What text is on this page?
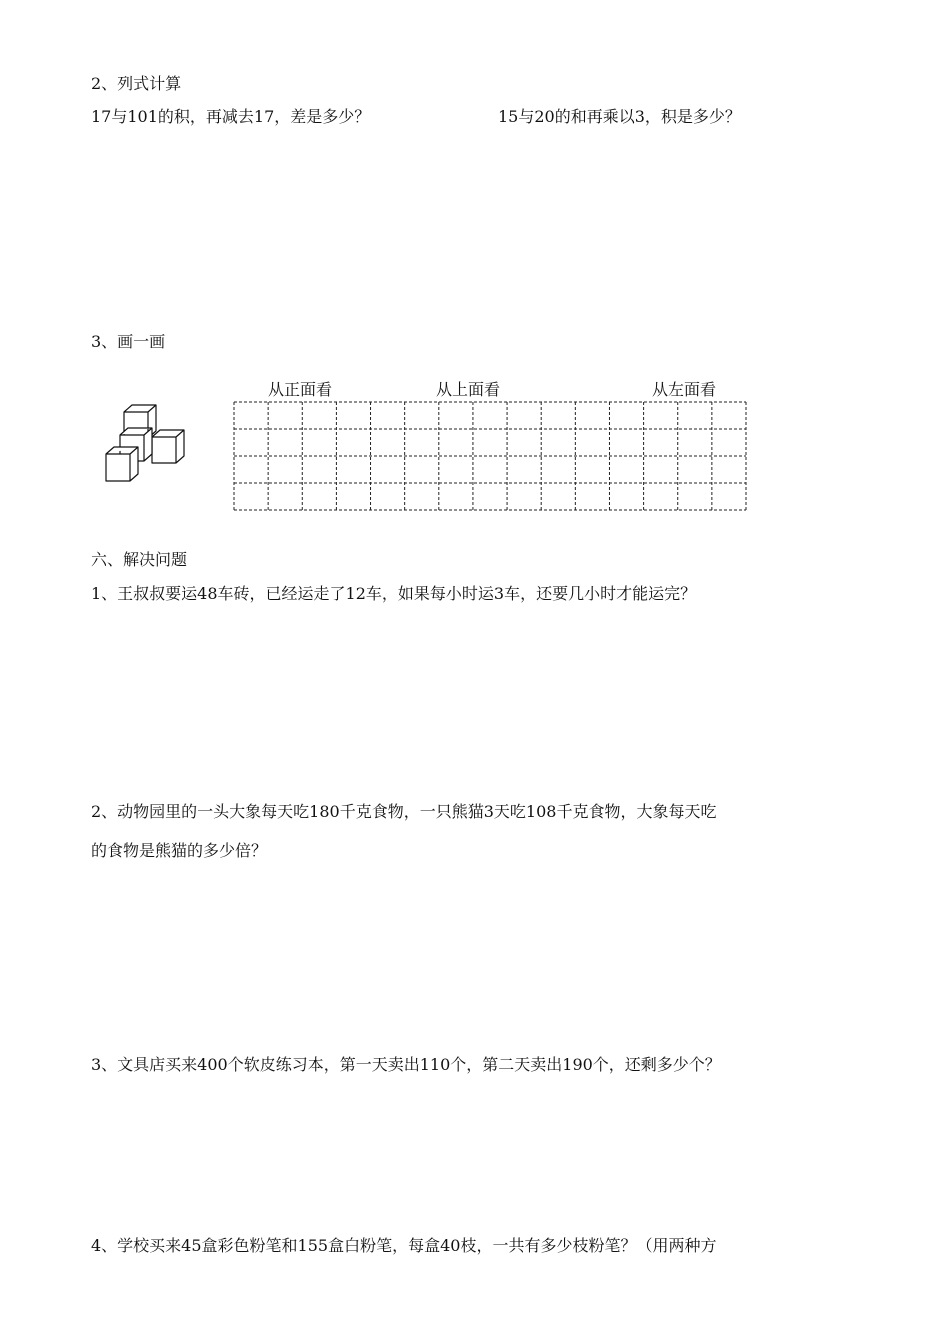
2、列式计算
17与101的积，再减去17，差是多少？	15与20的和再乘以3，积是多少？
3、画一画
从正面看	从上面看	从左面看
六、解决问题
1、王叔叔要运48车砖，已经运走了12车，如果每小时运3车，还要几小时才能运完？
2、动物园里的一头大象每天吃180千克食物，一只熊猫3天吃108千克食物，大象每天吃
的食物是熊猫的多少倍？
3、文具店买来400个软皮练习本，第一天卖出110个，第二天卖出190个，还剩多少个？
4、学校买来45盒彩色粉笔和155盒白粉笔，每盒40枝，一共有多少枝粉笔？（用两种方
